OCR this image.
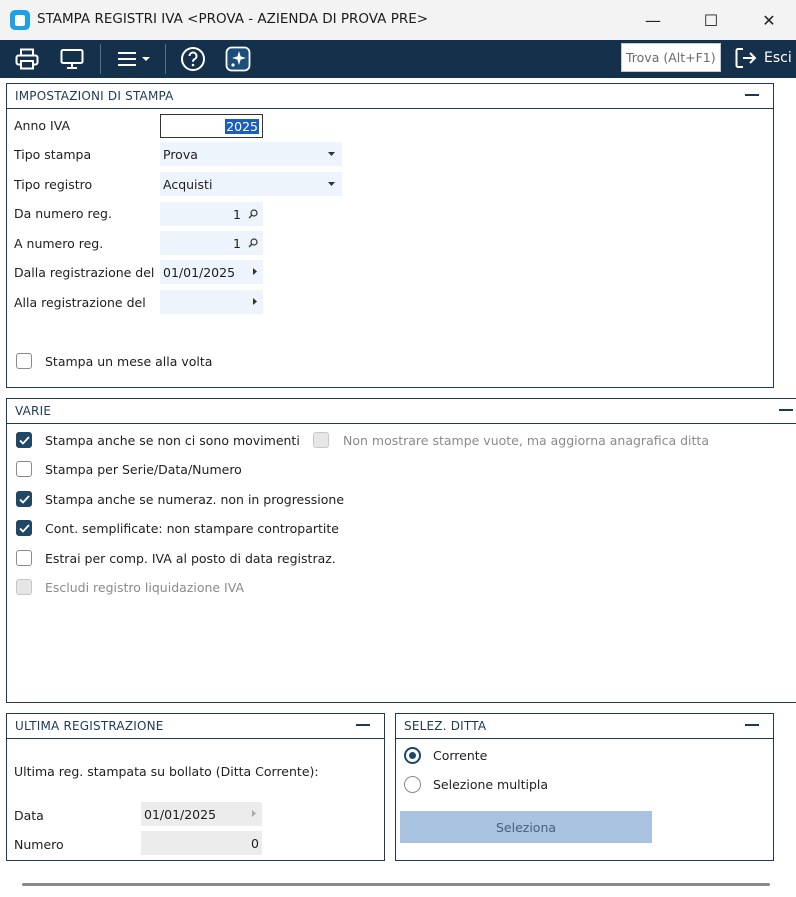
STAMPA REGISTRI IVA <PROVA - AZIENDA DI PROVA PRE>	—	☐	✕
Trova (Alt+F1)
Esci
IMPOSTAZIONI DI STAMPA
Anno IVA	2025
Tipo stampa	Prova
Tipo registro	Acquisti
Da numero reg.	1
A numero reg.	1
Dalla registrazione del 01/01/2025
Alla registrazione del
Stampa un mese alla volta
VARIE
Stampa anche se non ci sono movimenti	Non mostrare stampe vuote, ma aggiorna anagrafica ditta
Stampa per Serie/Data/Numero
Stampa anche se numeraz. non in progressione
Cont. semplificate: non stampare contropartite
Estrai per comp. IVA al posto di data registraz.
Escludi registro liquidazione IVA
ULTIMA REGISTRAZIONE
Ultima reg. stampata su bollato (Ditta Corrente):
Data	01/01/2025
Numero	0
SELEZ. DITTA
Corrente
Selezione multipla
Seleziona
